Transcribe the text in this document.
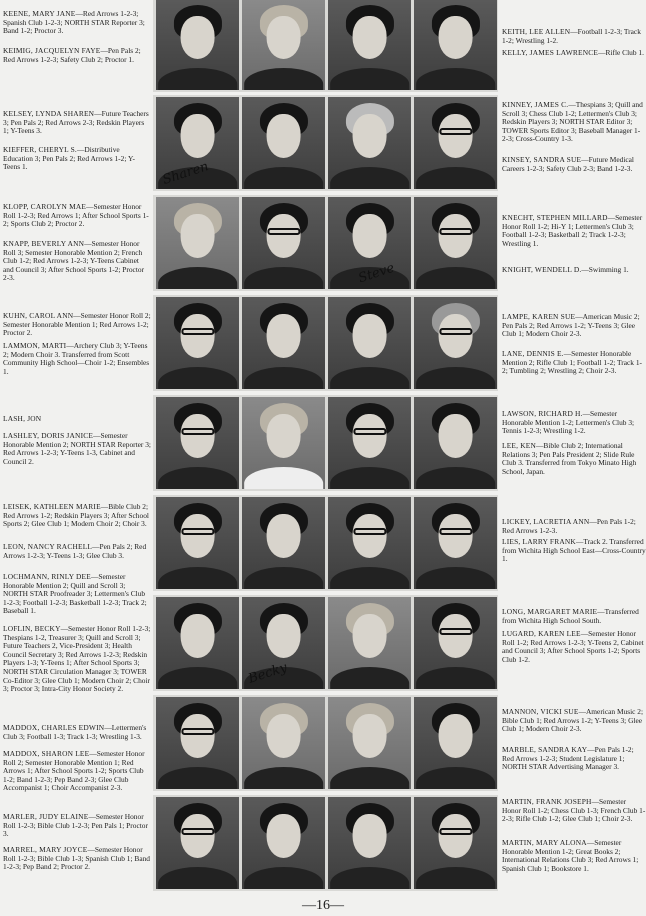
Sharen
Steve
Becky

KEENE, MARY JANE—Red Arrows 1-2-3; Spanish Club 1-2-3; NORTH STAR Reporter 3; Band 1-2; Proctor 3.

KEIMIG, JACQUELYN FAYE—Pen Pals 2; Red Arrows 1-2-3; Safety Club 2; Proctor 1.

KELSEY, LYNDA SHAREN—Future Teachers 3; Pen Pals 2; Red Arrows 2-3; Redskin Players 1; Y-Teens 3.

KIEFFER, CHERYL S.—Distributive Education 3; Pen Pals 2; Red Arrows 1-2; Y-Teens 1.

KLOPP, CAROLYN MAE—Semester Honor Roll 1-2-3; Red Arrows 1; After School Sports 1-2; Sports Club 2; Proctor 2.

KNAPP, BEVERLY ANN—Semester Honor Roll 3; Semester Honorable Mention 2; French Club 1-2; Red Arrows 1-2-3; Y-Teens Cabinet and Council 3; After School Sports 1-2; Proctor 2-3.

KUHN, CAROL ANN—Semester Honor Roll 2; Semester Honorable Mention 1; Red Arrows 1-2; Proctor 2.

LAMMON, MARTI—Archery Club 3; Y-Teens 2; Modern Choir 3. Transferred from Scott Community High School—Choir 1-2; Ensembles 1.

LASH, JON

LASHLEY, DORIS JANICE—Semester Honorable Mention 2; NORTH STAR Reporter 3; Red Arrows 1-2-3; Y-Teens 1-3, Cabinet and Council 2.

LEISEK, KATHLEEN MARIE—Bible Club 2; Red Arrows 1-2; Redskin Players 3; After School Sports 2; Glee Club 1; Modern Choir 2; Choir 3.

LEON, NANCY RACHELL—Pen Pals 2; Red Arrows 1-2-3; Y-Teens 1-3; Glee Club 3.

LOCHMANN, RINLY DEE—Semester Honorable Mention 2; Quill and Scroll 3; NORTH STAR Proofreader 3; Lettermen's Club 1-2-3; Football 1-2-3; Basketball 1-2-3; Track 2; Baseball 1.

LOFLIN, BECKY—Semester Honor Roll 1-2-3; Thespians 1-2, Treasurer 3; Quill and Scroll 3; Future Teachers 2, Vice-President 3; Health Council Secretary 3; Red Arrows 1-2-3; Redskin Players 1-3; Y-Teens 1; After School Sports 3; NORTH STAR Circulation Manager 3; TOWER Co-Editor 3; Glee Club 1; Modern Choir 2; Choir 3; Proctor 3; Intra-City Honor Society 2.

MADDOX, CHARLES EDWIN—Lettermen's Club 3; Football 1-3; Track 1-3; Wrestling 1-3.

MADDOX, SHARON LEE—Semester Honor Roll 2; Semester Honorable Mention 1; Red Arrows 1; After School Sports 1-2; Sports Club 1-2; Band 1-2-3; Pep Band 2-3; Glee Club Accompanist 1; Choir Accompanist 2-3.

MARLER, JUDY ELAINE—Semester Honor Roll 1-2-3; Bible Club 1-2-3; Pen Pals 1; Proctor 3.

MARREL, MARY JOYCE—Semester Honor Roll 1-2-3; Bible Club 1-3; Spanish Club 1; Band 1-2-3; Pep Band 2; Proctor 2.

KEITH, LEE ALLEN—Football 1-2-3; Track 1-2; Wrestling 1-2.

KELLY, JAMES LAWRENCE—Rifle Club 1.

KINNEY, JAMES C.—Thespians 3; Quill and Scroll 3; Chess Club 1-2; Lettermen's Club 3; Redskin Players 3; NORTH STAR Editor 3; TOWER Sports Editor 3; Baseball Manager 1-2-3; Cross-Country 1-3.

KINSEY, SANDRA SUE—Future Medical Careers 1-2-3; Safety Club 2-3; Band 1-2-3.

KNECHT, STEPHEN MILLARD—Semester Honor Roll 1-2; Hi-Y 1; Lettermen's Club 3; Football 1-2-3; Basketball 2; Track 1-2-3; Wrestling 1.

KNIGHT, WENDELL D.—Swimming 1.

LAMPE, KAREN SUE—American Music 2; Pen Pals 2; Red Arrows 1-2; Y-Teens 3; Glee Club 1; Modern Choir 2-3.

LANE, DENNIS E.—Semester Honorable Mention 2; Rifle Club 1; Football 1-2; Track 1-2; Tumbling 2; Wrestling 2; Choir 2-3.

LAWSON, RICHARD H.—Semester Honorable Mention 1-2; Lettermen's Club 3; Tennis 1-2-3; Wrestling 1-2.

LEE, KEN—Bible Club 2; International Relations 3; Pen Pals President 2; Slide Rule Club 3. Transferred from Tokyo Minato High School, Japan.

LICKEY, LACRETIA ANN—Pen Pals 1-2; Red Arrows 1-2-3.

LIES, LARRY FRANK—Track 2. Transferred from Wichita High School East—Cross-Country 1.

LONG, MARGARET MARIE—Transferred from Wichita High School South.

LUGARD, KAREN LEE—Semester Honor Roll 1-2; Red Arrows 1-2-3; Y-Teens 2, Cabinet and Council 3; After School Sports 1-2; Sports Club 1-2.

MANNON, VICKI SUE—American Music 2; Bible Club 1; Red Arrows 1-2; Y-Teens 3; Glee Club 1; Modern Choir 2-3.

MARBLE, SANDRA KAY—Pen Pals 1-2; Red Arrows 1-2-3; Student Legislature 1; NORTH STAR Advertising Manager 3.

MARTIN, FRANK JOSEPH—Semester Honor Roll 1-2; Chess Club 1-3; French Club 1-2-3; Rifle Club 1-2; Glee Club 1; Choir 2-3.

MARTIN, MARY ALONA—Semester Honorable Mention 1-2; Great Books 2; International Relations Club 3; Red Arrows 1; Spanish Club 1; Bookstore 1.

—16—
